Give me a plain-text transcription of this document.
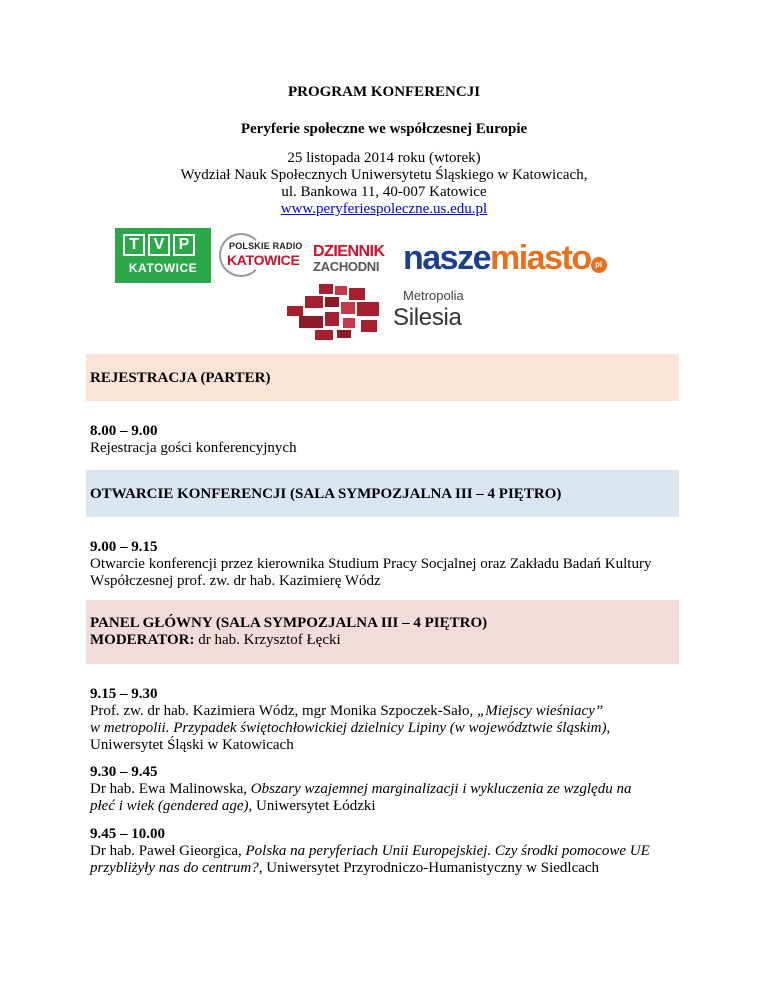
PROGRAM KONFERENCJI
Peryferie społeczne we współczesnej Europie
25 listopada 2014 roku (wtorek)
Wydział Nauk Społecznych Uniwersytetu Śląskiego w Katowicach,
ul. Bankowa 11, 40-007 Katowice
www.peryferiespoleczne.us.edu.pl
T V P
KATOWICE
POLSKIE RADIO
KATOWICE DZIENNIK
ZACHODNI naszemiasto pl
Metropolia
Silesia
REJESTRACJA (PARTER)

8.00 – 9.00

Rejestracja gości konferencyjnych

OTWARCIE KONFERENCJI (SALA SYMPOZJALNA III – 4 PIĘTRO)

9.00 – 9.15

Otwarcie konferencji przez kierownika Studium Pracy Socjalnej oraz Zakładu Badań Kultury

Współczesnej prof. zw. dr hab. Kazimierę Wódz

PANEL GŁÓWNY (SALA SYMPOZJALNA III – 4 PIĘTRO)
MODERATOR: dr hab. Krzysztof Łęcki

9.15 – 9.30

Prof. zw. dr hab. Kazimiera Wódz, mgr Monika Szpoczek-Sało, „Miejscy wieśniacy”

w metropolii. Przypadek świętochłowickiej dzielnicy Lipiny (w województwie śląskim),

Uniwersytet Śląski w Katowicach

9.30 – 9.45

Dr hab. Ewa Malinowska, Obszary wzajemnej marginalizacji i wykluczenia ze względu na

płeć i wiek (gendered age), Uniwersytet Łódzki

9.45 – 10.00

Dr hab. Paweł Gieorgica, Polska na peryferiach Unii Europejskiej. Czy środki pomocowe UE

przybliżyły nas do centrum?, Uniwersytet Przyrodniczo-Humanistyczny w Siedlcach
